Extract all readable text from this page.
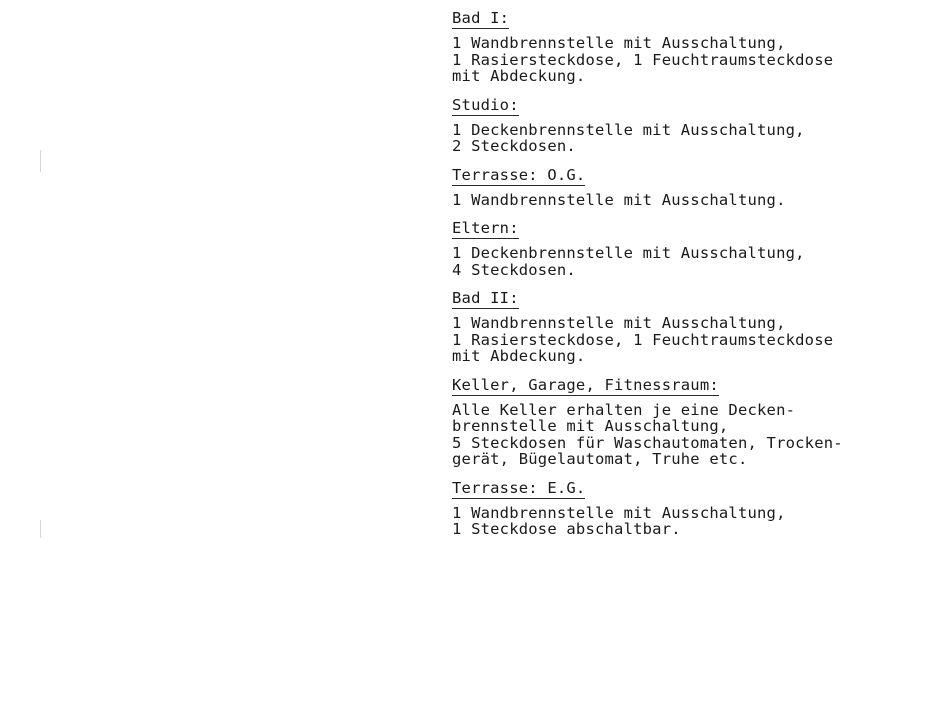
Bad I:
1 Wandbrennstelle mit Ausschaltung,
1 Rasiersteckdose, 1 Feuchtraumsteckdose
mit Abdeckung.
Studio:
1 Deckenbrennstelle mit Ausschaltung,
2 Steckdosen.
Terrasse: O.G.
1 Wandbrennstelle mit Ausschaltung.
Eltern:
1 Deckenbrennstelle mit Ausschaltung,
4 Steckdosen.
Bad II:
1 Wandbrennstelle mit Ausschaltung,
1 Rasiersteckdose, 1 Feuchtraumsteckdose
mit Abdeckung.
Keller, Garage, Fitnessraum:
Alle Keller erhalten je eine Decken-
brennstelle mit Ausschaltung,
5 Steckdosen für Waschautomaten, Trocken-
gerät, Bügelautomat, Truhe etc.
Terrasse: E.G.
1 Wandbrennstelle mit Ausschaltung,
1 Steckdose abschaltbar.
